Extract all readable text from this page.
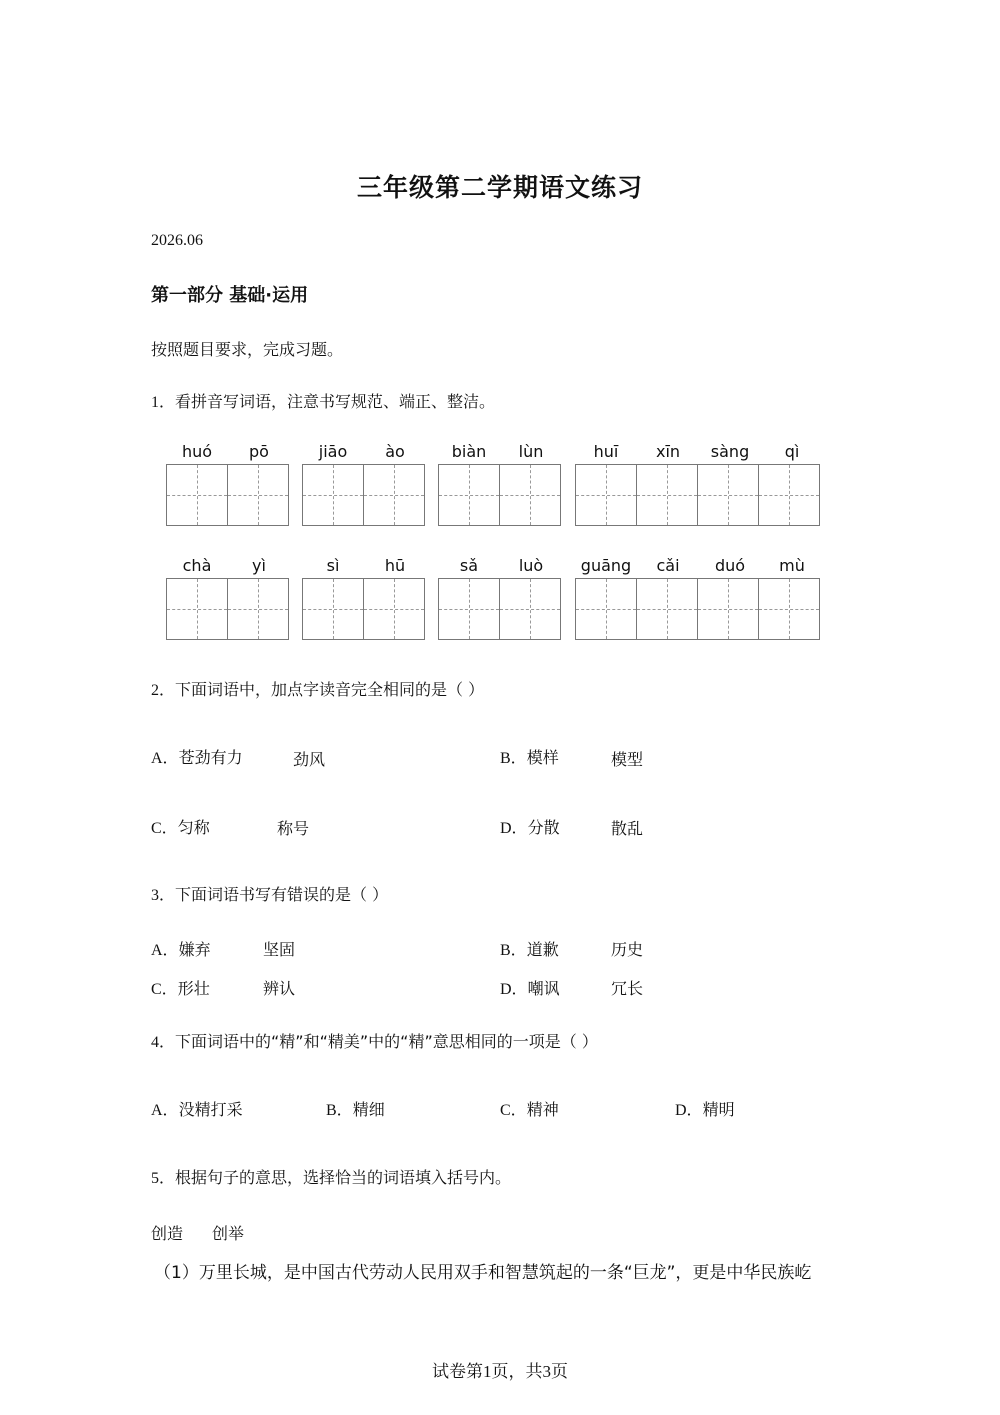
三年级第二学期语文练习
2026.06
第一部分 基础·运用
按照题目要求，完成习题。
1．看拼音写词语，注意书写规范、端正、整洁。
huó	pō	jiāo	ào	biàn	lùn	huī	xīn	sàng	qì
chà	yì	sì	hū	sǎ	luò	guāng	cǎi	duó	mù
2．下面词语中，加点字读音完全相同的是（ ）
A．苍劲有力	劲风	B．模样	模型
C．匀称	称号	D．分散	散乱
3．下面词语书写有错误的是（ ）
A．嫌弃	坚固	B．道歉	历史
C．形壮	辨认	D．嘲讽	冗长
4．下面词语中的“精”和“精美”中的“精”意思相同的一项是（ ）
A．没精打采	B．精细	C．精神	D．精明
5．根据句子的意思，选择恰当的词语填入括号内。
创造 创举
（1）万里长城，是中国古代劳动人民用双手和智慧筑起的一条“巨龙”，更是中华民族屹
试卷第1页，共3页
